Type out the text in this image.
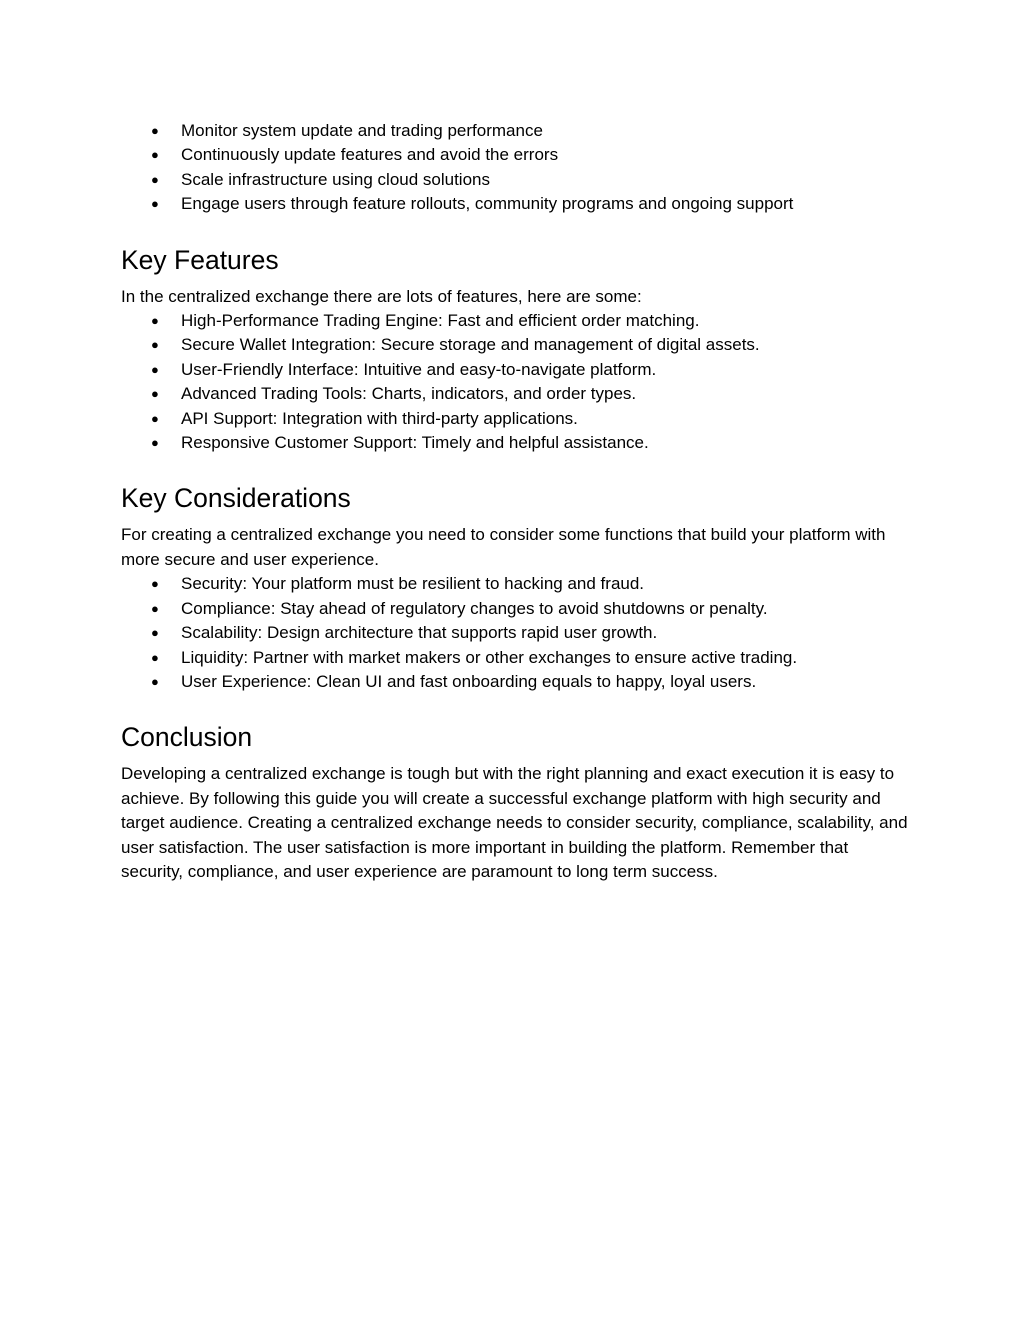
● Monitor system update and trading performance
● Continuously update features and avoid the errors
● Scale infrastructure using cloud solutions
● Engage users through feature rollouts, community programs and ongoing support
Key Features

In the centralized exchange there are lots of features, here are some:

● High-Performance Trading Engine: Fast and efficient order matching.
● Secure Wallet Integration: Secure storage and management of digital assets.
● User-Friendly Interface: Intuitive and easy-to-navigate platform.
● Advanced Trading Tools: Charts, indicators, and order types.
● API Support: Integration with third-party applications.
● Responsive Customer Support: Timely and helpful assistance.
Key Considerations

For creating a centralized exchange you need to consider some functions that build your platform with more secure and user experience.

● Security: Your platform must be resilient to hacking and fraud.
● Compliance: Stay ahead of regulatory changes to avoid shutdowns or penalty.
● Scalability: Design architecture that supports rapid user growth.
● Liquidity: Partner with market makers or other exchanges to ensure active trading.
● User Experience: Clean UI and fast onboarding equals to happy, loyal users.
Conclusion

Developing a centralized exchange is tough but with the right planning and exact execution it is easy to achieve. By following this guide you will create a successful exchange platform with high security and target audience. Creating a centralized exchange needs to consider security, compliance, scalability, and user satisfaction. The user satisfaction is more important in building the platform. Remember that security, compliance, and user experience are paramount to long term success.
